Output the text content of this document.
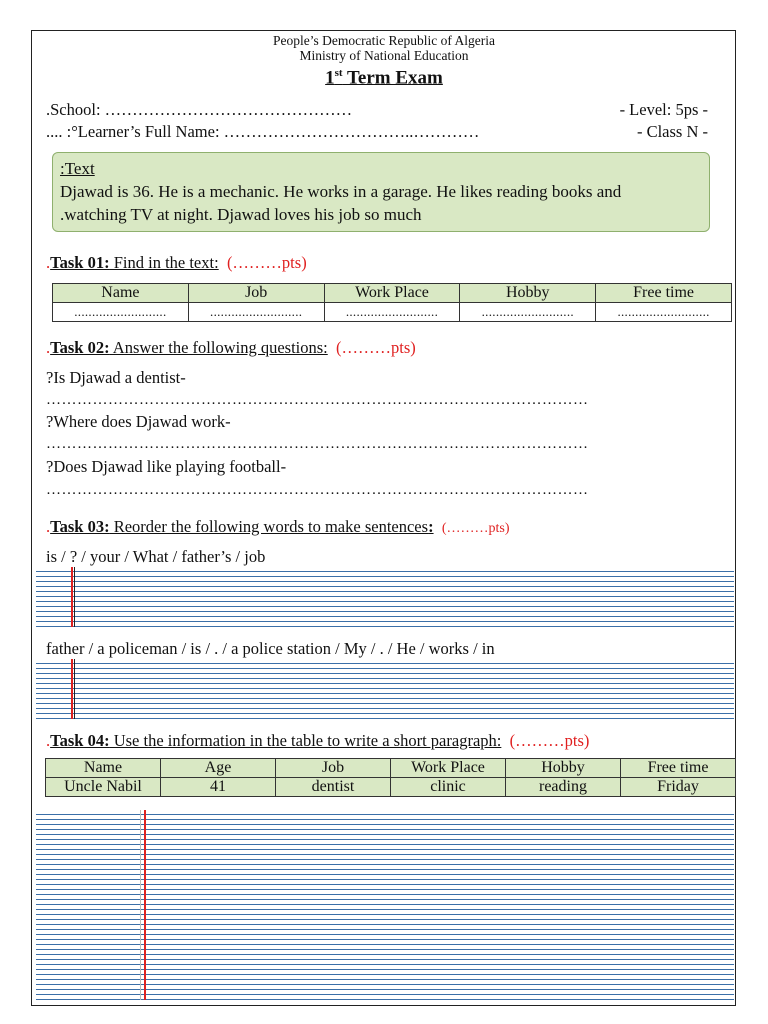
People’s Democratic Republic of Algeria
Ministry of National Education
1st Term Exam
.School: ………………………………………	- Level: 5ps -
.... :°Learner’s Full Name: ……………………………..…………	- Class N -
:Text
Djawad is 36. He is a mechanic. He works in a garage. He likes reading books and
.watching TV at night. Djawad loves his job so much
.Task 01: Find in the text: (………pts)
Name	Job	Work Place	Hobby	Free time
..........................	..........................	..........................	..........................	..........................
.Task 02: Answer the following questions: (………pts)
?Is Djawad a dentist-
……………………………………………………………………………………………
?Where does Djawad work-
……………………………………………………………………………………………
?Does Djawad like playing football-
……………………………………………………………………………………………
.Task 03: Reorder the following words to make sentences: (………pts)
is / ? / your / What / father’s / job
father / a policeman / is / . / a police station / My / . / He / works / in
.Task 04: Use the information in the table to write a short paragraph: (………pts)
Name	Age	Job	Work Place	Hobby	Free time
Uncle Nabil	41	dentist	clinic	reading	Friday
